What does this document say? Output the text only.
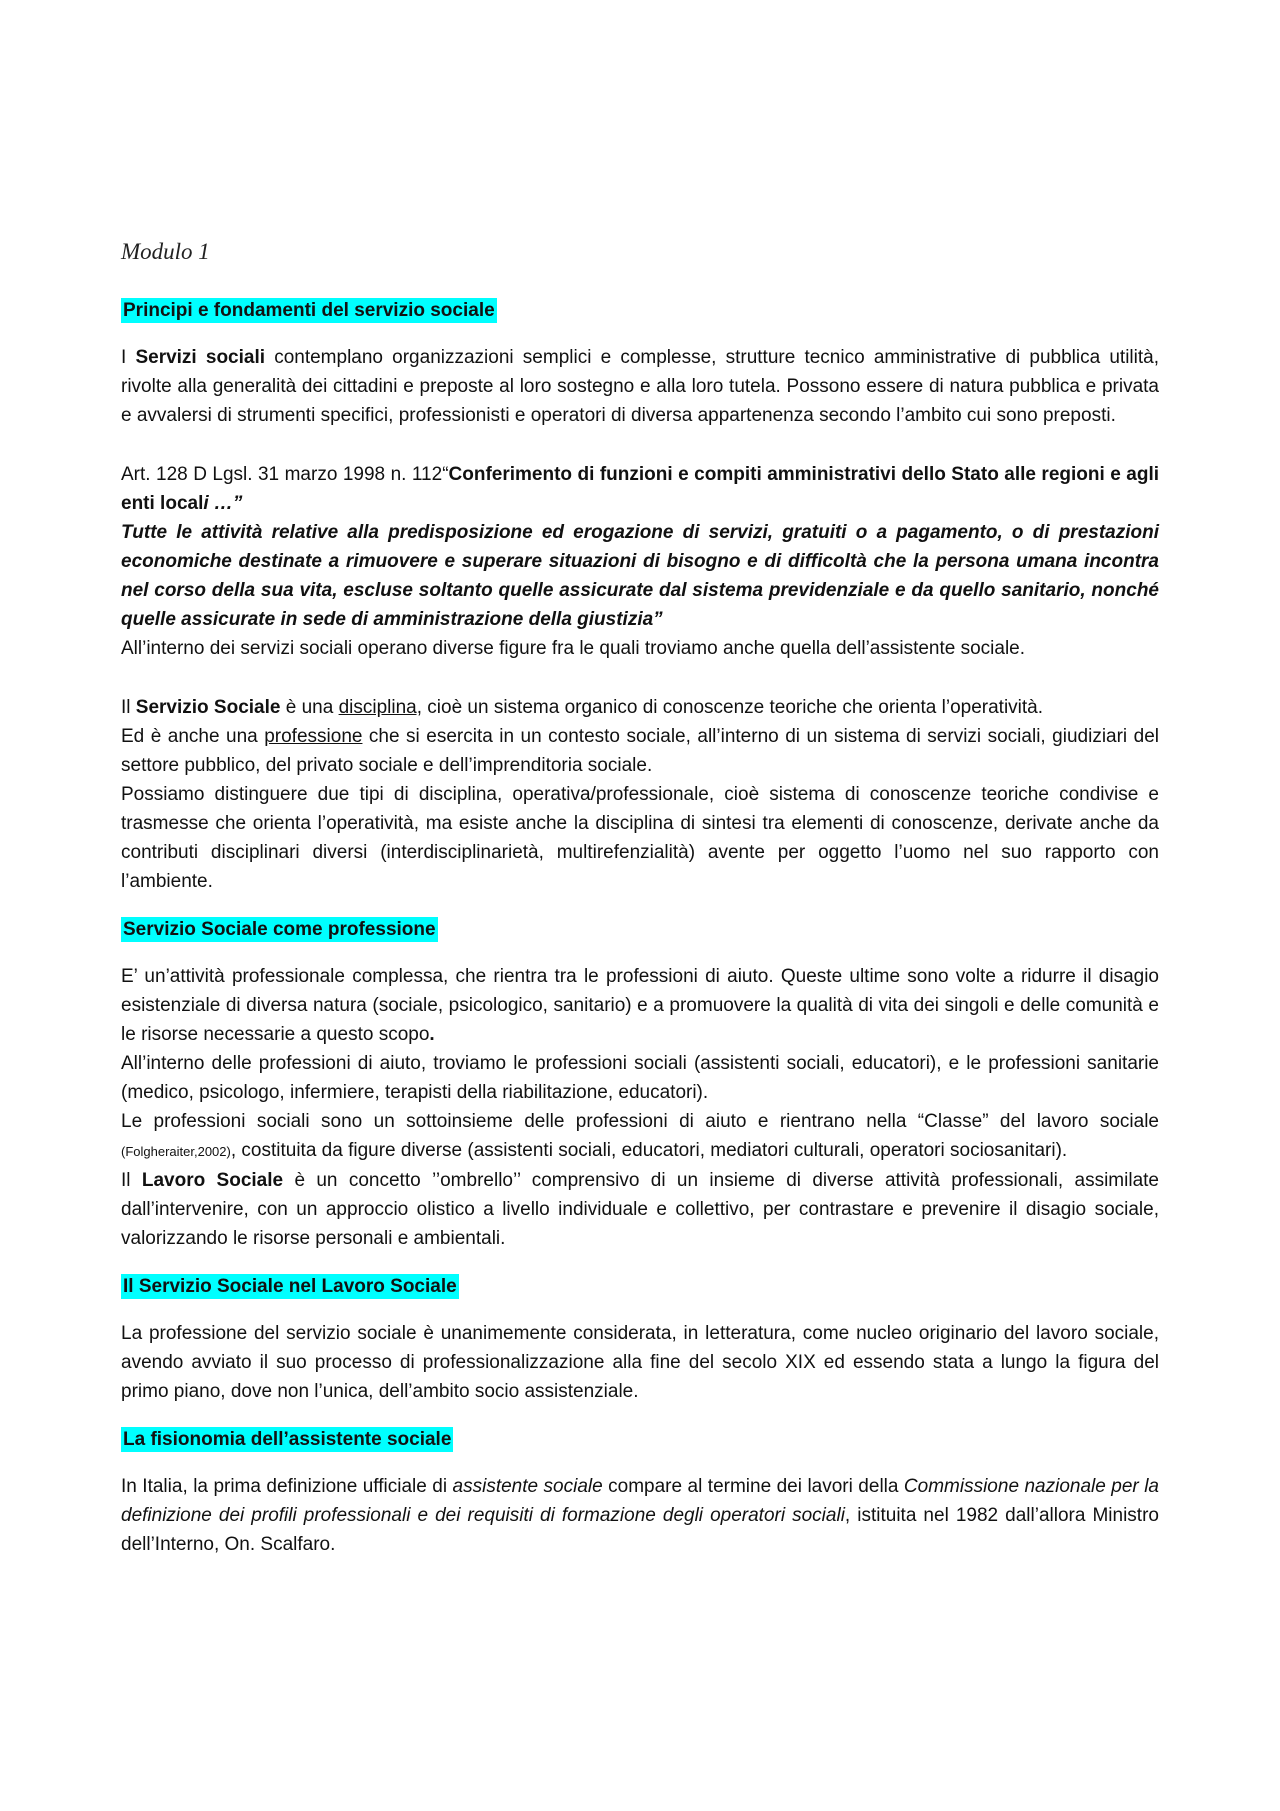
Modulo 1
Principi e fondamenti del servizio sociale

I Servizi sociali contemplano organizzazioni semplici e complesse, strutture tecnico amministrative di pubblica utilità, rivolte alla generalità dei cittadini e preposte al loro sostegno e alla loro tutela. Possono essere di natura pubblica e privata e avvalersi di strumenti specifici, professionisti e operatori di diversa appartenenza secondo l’ambito cui sono preposti.

Art. 128 D Lgsl. 31 marzo 1998 n. 112“Conferimento di funzioni e compiti amministrativi dello Stato alle regioni e agli enti locali …”

Tutte le attività relative alla predisposizione ed erogazione di servizi, gratuiti o a pagamento, o di prestazioni economiche destinate a rimuovere e superare situazioni di bisogno e di difficoltà che la persona umana incontra nel corso della sua vita, escluse soltanto quelle assicurate dal sistema previdenziale e da quello sanitario, nonché quelle assicurate in sede di amministrazione della giustizia”

All’interno dei servizi sociali operano diverse figure fra le quali troviamo anche quella dell’assistente sociale.

Il Servizio Sociale è una disciplina, cioè un sistema organico di conoscenze teoriche che orienta l’operatività.

Ed è anche una professione che si esercita in un contesto sociale, all’interno di un sistema di servizi sociali, giudiziari del settore pubblico, del privato sociale e dell’imprenditoria sociale.

Possiamo distinguere due tipi di disciplina, operativa/professionale, cioè sistema di conoscenze teoriche condivise e trasmesse che orienta l’operatività, ma esiste anche la disciplina di sintesi tra elementi di conoscenze, derivate anche da contributi disciplinari diversi (interdisciplinarietà, multirefenzialità) avente per oggetto l’uomo nel suo rapporto con l’ambiente.

Servizio Sociale come professione

E’ un’attività professionale complessa, che rientra tra le professioni di aiuto. Queste ultime sono volte a ridurre il disagio esistenziale di diversa natura (sociale, psicologico, sanitario) e a promuovere la qualità di vita dei singoli e delle comunità e le risorse necessarie a questo scopo.

All’interno delle professioni di aiuto, troviamo le professioni sociali (assistenti sociali, educatori), e le professioni sanitarie (medico, psicologo, infermiere, terapisti della riabilitazione, educatori).

Le professioni sociali sono un sottoinsieme delle professioni di aiuto e rientrano nella “Classe” del lavoro sociale (Folgheraiter,2002), costituita da figure diverse (assistenti sociali, educatori, mediatori culturali, operatori sociosanitari).

Il Lavoro Sociale è un concetto ’’ombrello’’ comprensivo di un insieme di diverse attività professionali, assimilate dall’intervenire, con un approccio olistico a livello individuale e collettivo, per contrastare e prevenire il disagio sociale, valorizzando le risorse personali e ambientali.

Il Servizio Sociale nel Lavoro Sociale

La professione del servizio sociale è unanimemente considerata, in letteratura, come nucleo originario del lavoro sociale, avendo avviato il suo processo di professionalizzazione alla fine del secolo XIX ed essendo stata a lungo la figura del primo piano, dove non l’unica, dell’ambito socio assistenziale.

La fisionomia dell’assistente sociale

In Italia, la prima definizione ufficiale di assistente sociale compare al termine dei lavori della Commissione nazionale per la definizione dei profili professionali e dei requisiti di formazione degli operatori sociali, istituita nel 1982 dall’allora Ministro dell’Interno, On. Scalfaro.
